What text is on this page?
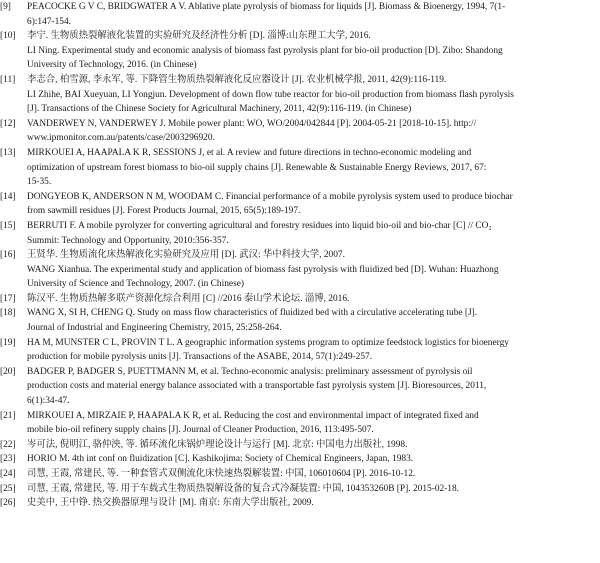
[9]	PEACOCKE G V C, BRIDGWATER A V. Ablative plate pyrolysis of biomass for liquids [J]. Biomass & Bioenergy, 1994, 7(1-
6):147-154.
[10]	李宁. 生物质热裂解液化装置的实验研究及经济性分析 [D]. 淄博:山东理工大学, 2016.
LI Ning. Experimental study and economic analysis of biomass fast pyrolysis plant for bio-oil production [D]. Zibo: Shandong
University of Technology, 2016. (in Chinese)
[11]	李志合, 柏雪源, 李永军, 等. 下降管生物质热裂解液化反应器设计 [J]. 农业机械学报, 2011, 42(9):116-119.
LI Zhihe, BAI Xueyuan, LI Yongjun. Development of down flow tube reactor for bio-oil production from biomass flash pyrolysis
[J]. Transactions of the Chinese Society for Agricultural Machinery, 2011, 42(9):116-119. (in Chinese)
[12]	VANDERWEY N, VANDERWEY J. Mobile power plant: WO, WO/2004/042844 [P]. 2004-05-21 [2018-10-15]. http://
www.ipmonitor.com.au/patents/case/2003296920.
[13]	MIRKOUEI A, HAAPALA K R, SESSIONS J, et al. A review and future directions in techno-economic modeling and
optimization of upstream forest biomass to bio-oil supply chains [J]. Renewable & Sustainable Energy Reviews, 2017, 67:
15-35.
[14]	DONGYEOB K, ANDERSON N M, WOODAM C. Financial performance of a mobile pyrolysis system used to produce biochar
from sawmill residues [J]. Forest Products Journal, 2015, 65(5):189-197.
[15]	BERRUTI F. A mobile pyrolyzer for converting agricultural and forestry residues into liquid bio-oil and bio-char [C] // CO₂
Summit: Technology and Opportunity, 2010:356-357.
[16]	王贤华. 生物质流化床热解液化实验研究及应用 [D]. 武汉: 华中科技大学, 2007.
WANG Xianhua. The experimental study and application of biomass fast pyrolysis with fluidized bed [D]. Wuhan: Huazhong
University of Science and Technology, 2007. (in Chinese)
[17]	陈汉平. 生物质热解多联产资源化综合利用 [C] //2016 泰山学术论坛. 淄博, 2016.
[18]	WANG X, SI H, CHENG Q. Study on mass flow characteristics of fluidized bed with a circulative accelerating tube [J].
Journal of Industrial and Engineering Chemistry, 2015, 25:258-264.
[19]	HA M, MUNSTER C L, PROVIN T L. A geographic information systems program to optimize feedstock logistics for bioenergy
production for mobile pyrolysis units [J]. Transactions of the ASABE, 2014, 57(1):249-257.
[20]	BADGER P, BADGER S, PUETTMANN M, et al. Techno-economic analysis: preliminary assessment of pyrolysis oil
production costs and material energy balance associated with a transportable fast pyrolysis system [J]. Bioresources, 2011,
6(1):34-47.
[21]	MIRKOUEI A, MIRZAIE P, HAAPALA K R, et al. Reducing the cost and environmental impact of integrated fixed and
mobile bio-oil refinery supply chains [J]. Journal of Cleaner Production, 2016, 113:495-507.
[22]	岑可法, 倪明江, 骆仲泱, 等. 循环流化床锅炉理论设计与运行 [M]. 北京: 中国电力出版社, 1998.
[23]	HORIO M. 4th int conf on fluidization [C]. Kashikojima: Society of Chemical Engineers, Japan, 1983.
[24]	司慧, 王霞, 常建民, 等. 一种套管式双侧流化床快速热裂解装置: 中国, 106010604 [P]. 2016-10-12.
[25]	司慧, 王霞, 常建民, 等. 用于车载式生物质热裂解设备的复合式冷凝装置: 中国, 104353260B [P]. 2015-02-18.
[26]	史美中, 王中铮. 热交换器原理与设计 [M]. 南京: 东南大学出版社, 2009.
